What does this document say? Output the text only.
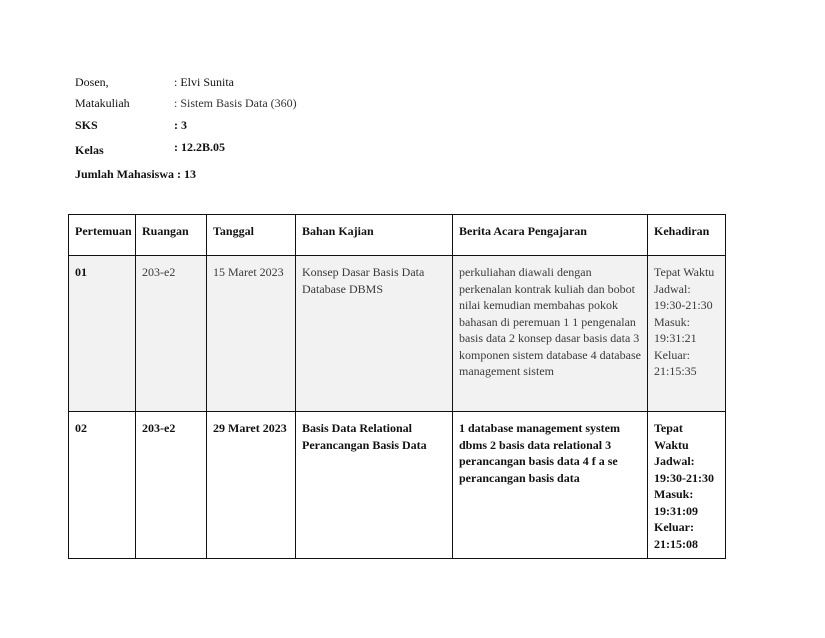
Dosen,	: Elvi Sunita
Matakuliah	: Sistem Basis Data (360)
SKS	: 3
Kelas	: 12.2B.05
Jumlah Mahasiswa : 13
Pertemuan	Ruangan	Tanggal	Bahan Kajian	Berita Acara Pengajaran	Kehadiran
01	203-e2	15 Maret 2023	Konsep Dasar Basis Data Database DBMS	perkuliahan diawali dengan perkenalan kontrak kuliah dan bobot nilai kemudian membahas pokok bahasan di peremuan 1 1 pengenalan basis data 2 konsep dasar basis data 3 komponen sistem database 4 database management sistem	Tepat Waktu Jadwal: 19:30-21:30 Masuk: 19:31:21 Keluar: 21:15:35
02	203-e2	29 Maret 2023	Basis Data Relational Perancangan Basis Data	1 database management system dbms 2 basis data relational 3 perancangan basis data 4 f a se perancangan basis data	Tepat Waktu Jadwal: 19:30-21:30 Masuk: 19:31:09 Keluar: 21:15:08
